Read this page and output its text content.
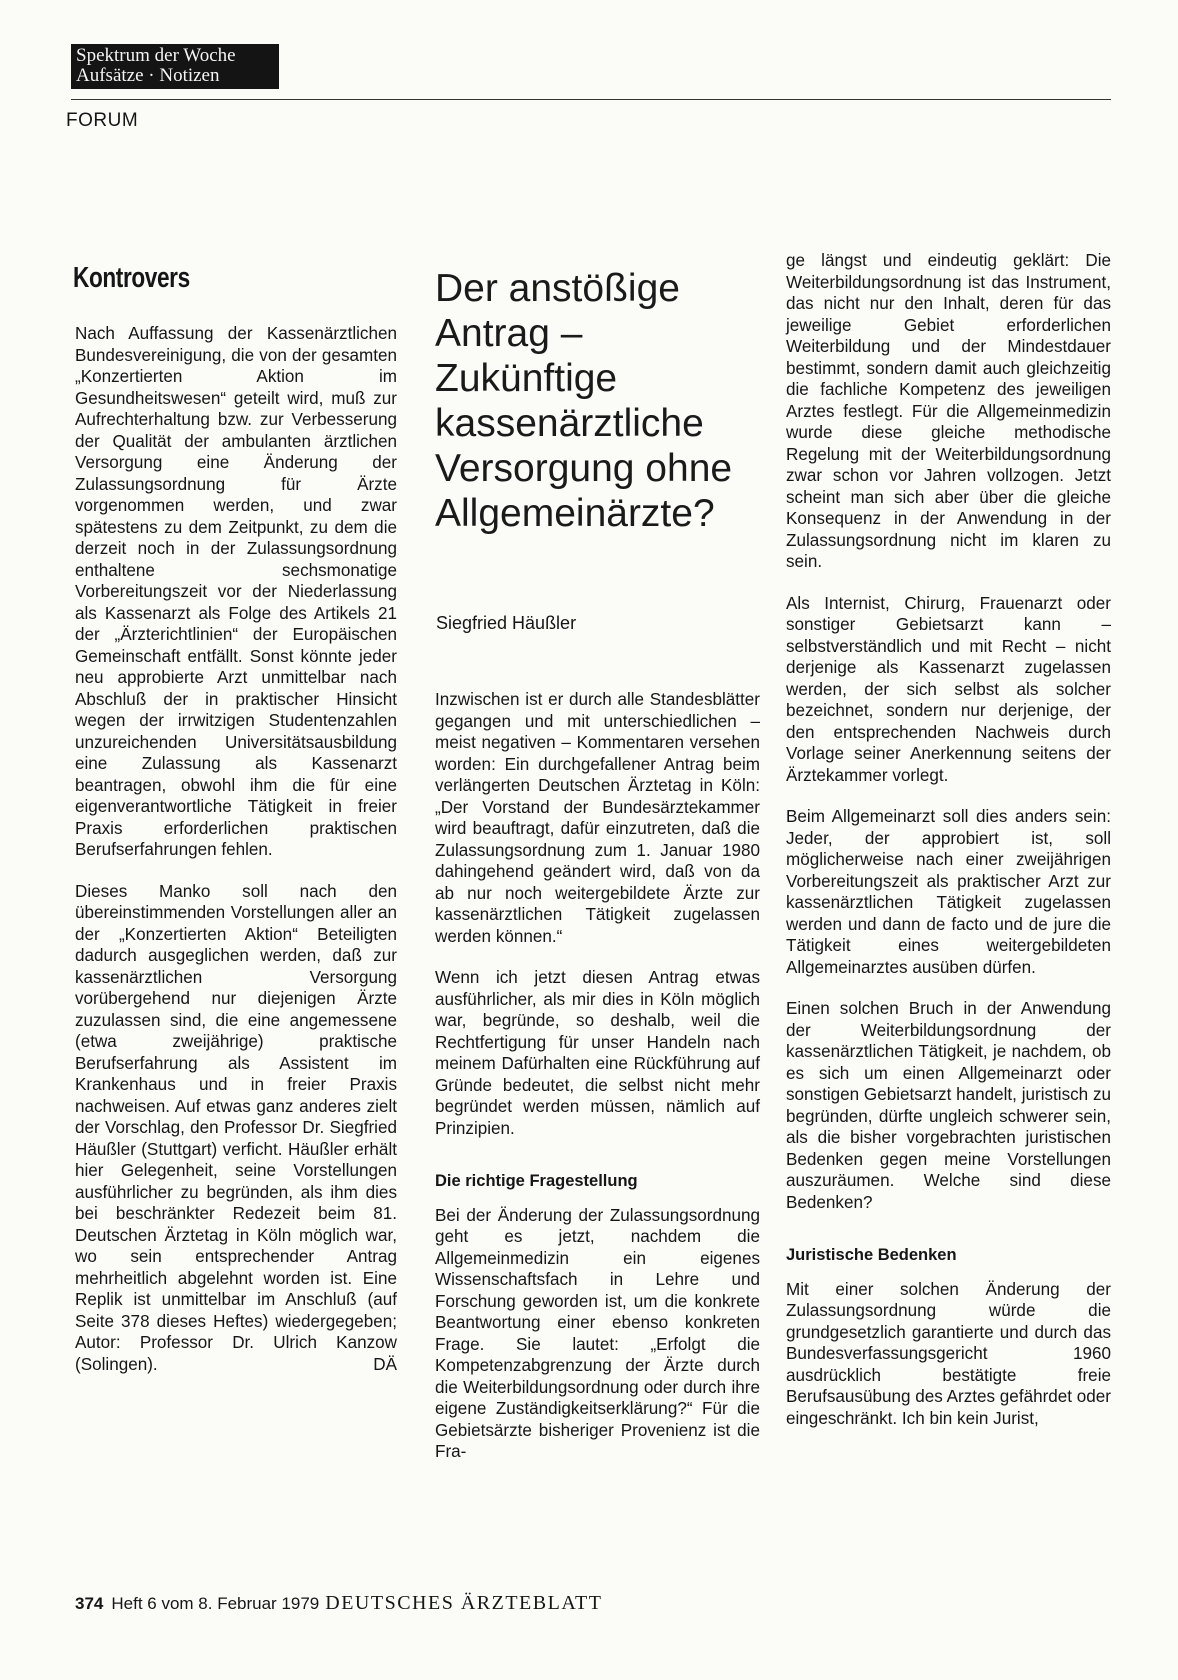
Spektrum der Woche
Aufsätze · Notizen
FORUM
Kontrovers

Nach Auffassung der Kassenärztlichen Bundesvereinigung, die von der gesamten „Konzertierten Aktion im Gesundheitswesen“ geteilt wird, muß zur Aufrechterhaltung bzw. zur Verbesserung der Qualität der ambulanten ärztlichen Versorgung eine Änderung der Zulassungsordnung für Ärzte vorgenommen werden, und zwar spätestens zu dem Zeitpunkt, zu dem die derzeit noch in der Zulassungsordnung enthaltene sechsmonatige Vorbereitungszeit vor der Niederlassung als Kassenarzt als Folge des Artikels 21 der „Ärzterichtlinien“ der Europäischen Gemeinschaft entfällt. Sonst könnte jeder neu approbierte Arzt unmittelbar nach Abschluß der in praktischer Hinsicht wegen der irrwitzigen Studentenzahlen unzureichenden Universitätsausbildung eine Zulassung als Kassenarzt beantragen, obwohl ihm die für eine eigenverantwortliche Tätigkeit in freier Praxis erforderlichen praktischen Berufserfahrungen fehlen.

Dieses Manko soll nach den übereinstimmenden Vorstellungen aller an der „Konzertierten Aktion“ Beteiligten dadurch ausgeglichen werden, daß zur kassenärztlichen Versorgung vorübergehend nur diejenigen Ärzte zuzulassen sind, die eine angemessene (etwa zweijährige) praktische Berufserfahrung als Assistent im Krankenhaus und in freier Praxis nachweisen. Auf etwas ganz anderes zielt der Vorschlag, den Professor Dr. Siegfried Häußler (Stuttgart) verficht. Häußler erhält hier Gelegenheit, seine Vorstellungen ausführlicher zu begründen, als ihm dies bei beschränkter Redezeit beim 81. Deutschen Ärztetag in Köln möglich war, wo sein entsprechender Antrag mehrheitlich abgelehnt worden ist. Eine Replik ist unmittelbar im Anschluß (auf Seite 378 dieses Heftes) wiedergegeben; Autor: Professor Dr. Ulrich Kanzow (Solingen).	DÄ

Der anstößige Antrag – Zukünftige kassenärztliche Versorgung ohne Allgemeinärzte?
Siegfried Häußler

Inzwischen ist er durch alle Standesblätter gegangen und mit unterschiedlichen – meist negativen – Kommentaren versehen worden: Ein durchgefallener Antrag beim verlängerten Deutschen Ärztetag in Köln: „Der Vorstand der Bundesärztekammer wird beauftragt, dafür einzutreten, daß die Zulassungsordnung zum 1. Januar 1980 dahingehend geändert wird, daß von da ab nur noch weitergebildete Ärzte zur kassenärztlichen Tätigkeit zugelassen werden können.“

Wenn ich jetzt diesen Antrag etwas ausführlicher, als mir dies in Köln möglich war, begründe, so deshalb, weil die Rechtfertigung für unser Handeln nach meinem Dafürhalten eine Rückführung auf Gründe bedeutet, die selbst nicht mehr begründet werden müssen, nämlich auf Prinzipien.

Die richtige Fragestellung

Bei der Änderung der Zulassungsordnung geht es jetzt, nachdem die Allgemeinmedizin ein eigenes Wissenschaftsfach in Lehre und Forschung geworden ist, um die konkrete Beantwortung einer ebenso konkreten Frage. Sie lautet: „Erfolgt die Kompetenzabgrenzung der Ärzte durch die Weiterbildungsordnung oder durch ihre eigene Zuständigkeitserklärung?“ Für die Gebietsärzte bisheriger Provenienz ist die Fra-

ge längst und eindeutig geklärt: Die Weiterbildungsordnung ist das Instrument, das nicht nur den Inhalt, deren für das jeweilige Gebiet erforderlichen Weiterbildung und der Mindestdauer bestimmt, sondern damit auch gleichzeitig die fachliche Kompetenz des jeweiligen Arztes festlegt. Für die Allgemeinmedizin wurde diese gleiche methodische Regelung mit der Weiterbildungsordnung zwar schon vor Jahren vollzogen. Jetzt scheint man sich aber über die gleiche Konsequenz in der Anwendung in der Zulassungsordnung nicht im klaren zu sein.

Als Internist, Chirurg, Frauenarzt oder sonstiger Gebietsarzt kann – selbstverständlich und mit Recht – nicht derjenige als Kassenarzt zugelassen werden, der sich selbst als solcher bezeichnet, sondern nur derjenige, der den entsprechenden Nachweis durch Vorlage seiner Anerkennung seitens der Ärztekammer vorlegt.

Beim Allgemeinarzt soll dies anders sein: Jeder, der approbiert ist, soll möglicherweise nach einer zweijährigen Vorbereitungszeit als praktischer Arzt zur kassenärztlichen Tätigkeit zugelassen werden und dann de facto und de jure die Tätigkeit eines weitergebildeten Allgemeinarztes ausüben dürfen.

Einen solchen Bruch in der Anwendung der Weiterbildungsordnung der kassenärztlichen Tätigkeit, je nachdem, ob es sich um einen Allgemeinarzt oder sonstigen Gebietsarzt handelt, juristisch zu begründen, dürfte ungleich schwerer sein, als die bisher vorgebrachten juristischen Bedenken gegen meine Vorstellungen auszuräumen. Welche sind diese Bedenken?

Juristische Bedenken

Mit einer solchen Änderung der Zulassungsordnung würde die grundgesetzlich garantierte und durch das Bundesverfassungsgericht 1960 ausdrücklich bestätigte freie Berufsausübung des Arztes gefährdet oder eingeschränkt. Ich bin kein Jurist,

374 Heft 6 vom 8. Februar 1979 DEUTSCHES ÄRZTEBLATT
